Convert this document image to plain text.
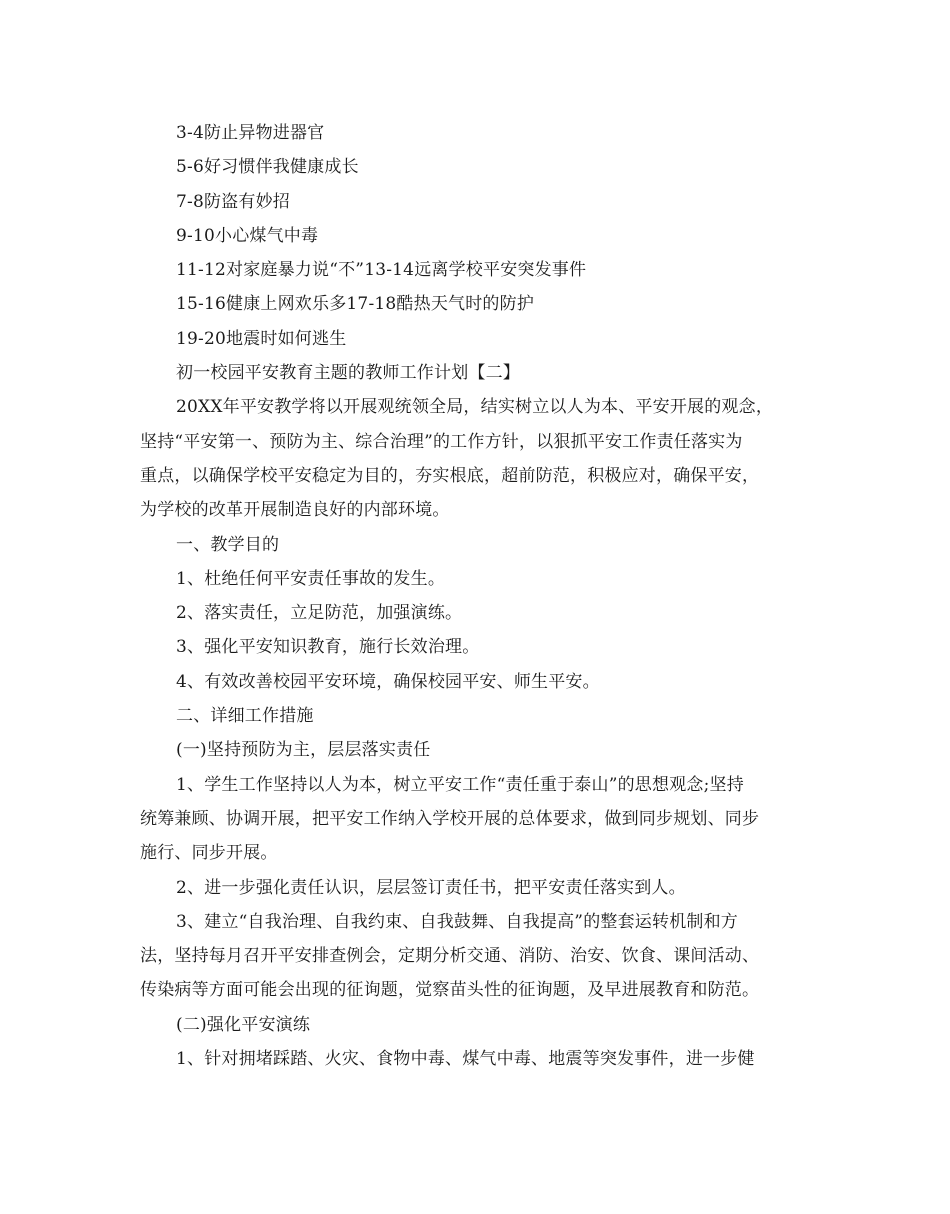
3-4防止异物进器官
5-6好习惯伴我健康成长
7-8防盗有妙招
9-10小心煤气中毒
11-12对家庭暴力说“不”13-14远离学校平安突发事件
15-16健康上网欢乐多17-18酷热天气时的防护
19-20地震时如何逃生
初一校园平安教育主题的教师工作计划【二】
20XX年平安教学将以开展观统领全局，结实树立以人为本、平安开展的观念，
坚持“平安第一、预防为主、综合治理”的工作方针，以狠抓平安工作责任落实为
重点，以确保学校平安稳定为目的，夯实根底，超前防范，积极应对，确保平安，
为学校的改革开展制造良好的内部环境。
一、教学目的
1、杜绝任何平安责任事故的发生。
2、落实责任，立足防范，加强演练。
3、强化平安知识教育，施行长效治理。
4、有效改善校园平安环境，确保校园平安、师生平安。
二、详细工作措施
(一)坚持预防为主，层层落实责任
1、学生工作坚持以人为本，树立平安工作“责任重于泰山”的思想观念;坚持
统筹兼顾、协调开展，把平安工作纳入学校开展的总体要求，做到同步规划、同步
施行、同步开展。
2、进一步强化责任认识，层层签订责任书，把平安责任落实到人。
3、建立“自我治理、自我约束、自我鼓舞、自我提高”的整套运转机制和方
法，坚持每月召开平安排查例会，定期分析交通、消防、治安、饮食、课间活动、
传染病等方面可能会出现的征询题，觉察苗头性的征询题，及早进展教育和防范。
(二)强化平安演练
1、针对拥堵踩踏、火灾、食物中毒、煤气中毒、地震等突发事件，进一步健
